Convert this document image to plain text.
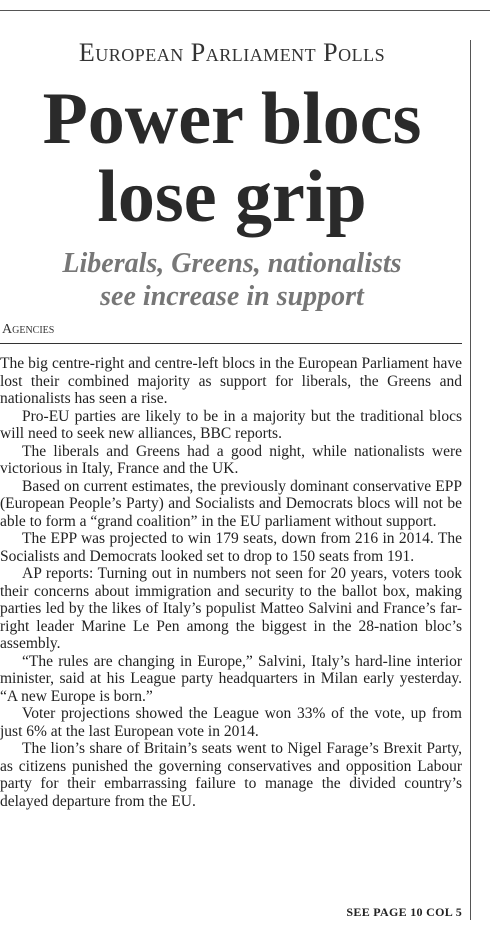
European Parliament Polls
Power blocs
lose grip
Liberals, Greens, nationalists
see increase in support
Agencies

The big centre-right and centre-left blocs in the European Parliament have lost their combined majority as support for liberals, the Greens and nationalists has seen a rise.

Pro-EU parties are likely to be in a majority but the traditional blocs will need to seek new alliances, BBC reports.

The liberals and Greens had a good night, while nationalists were victorious in Italy, France and the UK.

Based on current estimates, the previously dominant conservative EPP (European People’s Party) and Socialists and Democrats blocs will not be able to form a “grand coalition” in the EU parliament without support.

The EPP was projected to win 179 seats, down from 216 in 2014. The Socialists and Democrats looked set to drop to 150 seats from 191.

AP reports: Turning out in numbers not seen for 20 years, voters took their concerns about immigration and security to the ballot box, making parties led by the likes of Italy’s populist Matteo Salvini and France’s far-right leader Marine Le Pen among the biggest in the 28-nation bloc’s assembly.

“The rules are changing in Europe,” Salvini, Italy’s hard-line interior minister, said at his League party headquarters in Milan early yesterday. “A new Europe is born.”

Voter projections showed the League won 33% of the vote, up from just 6% at the last European vote in 2014.

The lion’s share of Britain’s seats went to Nigel Farage’s Brexit Party, as citizens punished the governing conservatives and opposition Labour party for their embarrassing failure to manage the divided country’s delayed departure from the EU.

SEE PAGE 10 COL 5
